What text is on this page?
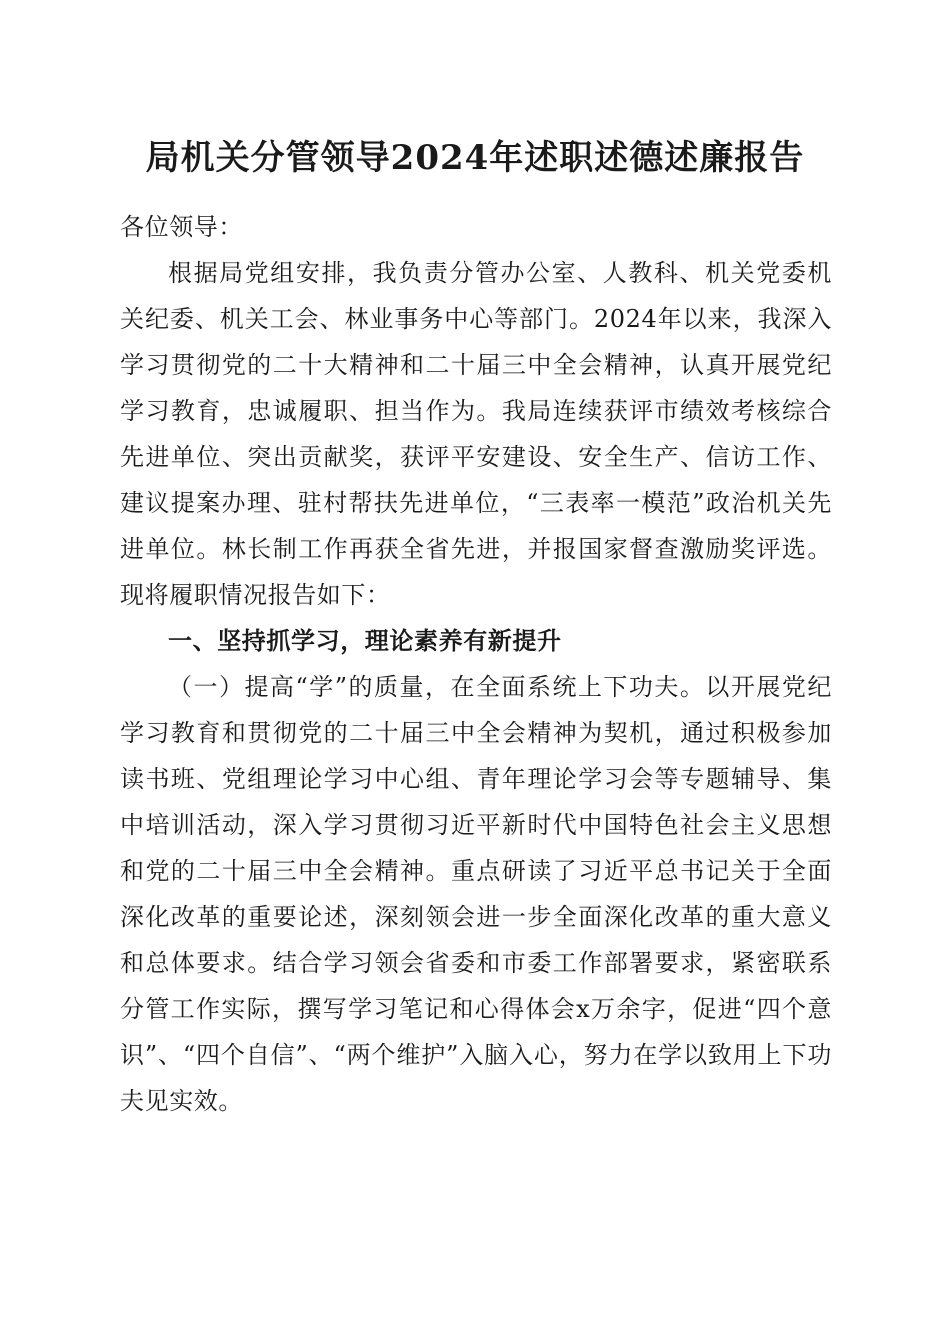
局机关分管领导2024年述职述德述廉报告

各位领导：

根据局党组安排，我负责分管办公室、人教科、机关党委机关纪委、机关工会、林业事务中心等部门。2024年以来，我深入学习贯彻党的二十大精神和二十届三中全会精神，认真开展党纪学习教育，忠诚履职、担当作为。我局连续获评市绩效考核综合先进单位、突出贡献奖，获评平安建设、安全生产、信访工作、建议提案办理、驻村帮扶先进单位，“三表率一模范”政治机关先进单位。林长制工作再获全省先进，并报国家督查激励奖评选。现将履职情况报告如下：

一、坚持抓学习，理论素养有新提升

（一）提高“学”的质量，在全面系统上下功夫。以开展党纪学习教育和贯彻党的二十届三中全会精神为契机，通过积极参加读书班、党组理论学习中心组、青年理论学习会等专题辅导、集中培训活动，深入学习贯彻习近平新时代中国特色社会主义思想和党的二十届三中全会精神。重点研读了习近平总书记关于全面深化改革的重要论述，深刻领会进一步全面深化改革的重大意义和总体要求。结合学习领会省委和市委工作部署要求，紧密联系分管工作实际，撰写学习笔记和心得体会x万余字，促进“四个意识”、“四个自信”、“两个维护”入脑入心，努力在学以致用上下功夫见实效。
